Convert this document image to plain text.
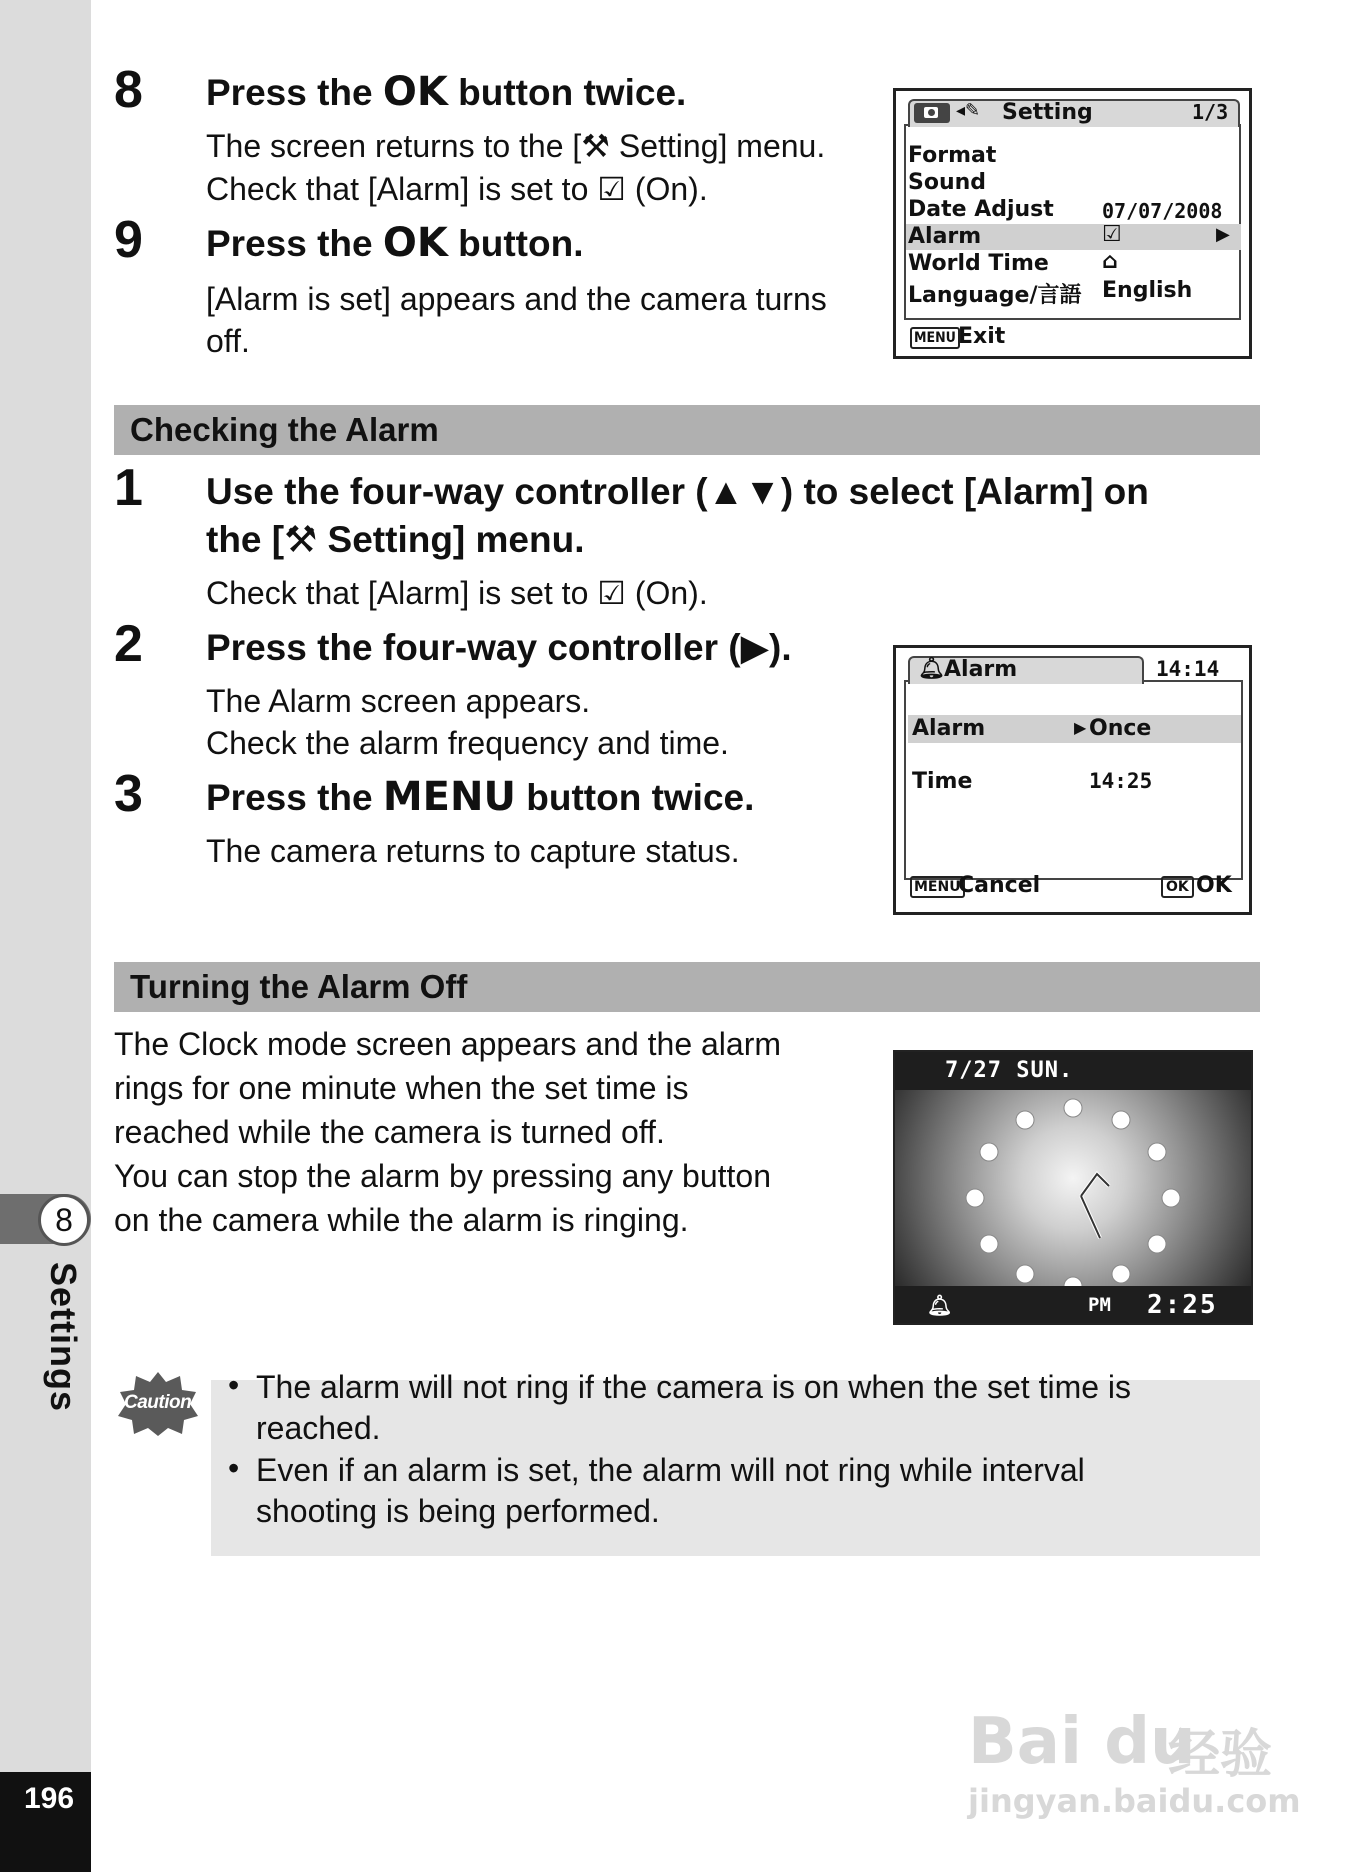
8
Settings
196
8 Press the OK button twice.
The screen returns to the [⚒ Setting] menu.
Check that [Alarm] is set to ☑ (On).
9 Press the OK button.
[Alarm is set] appears and the camera turns
off.
◂✎ Setting	1/3
Format
Sound
Date Adjust 07/07/2008
Alarm	☑	▶
World Time ⌂
Language/言語 English
MENU Exit
Checking the Alarm
1 Use the four-way controller (▲▼) to select [Alarm] on
the [⚒ Setting] menu.
Check that [Alarm] is set to ☑ (On).
2 Press the four-way controller (▶).
The Alarm screen appears.
Check the alarm frequency and time.
3 Press the MENU button twice.
The camera returns to capture status.
🔔︎ Alarm	14:14
Alarm	▶ Once
Time	14:25
MENU
Cancel	OK OK
Turning the Alarm Off
The Clock mode screen appears and the alarm
rings for one minute when the set time is
reached while the camera is turned off.
You can stop the alarm by pressing any button
on the camera while the alarm is ringing.
7/27 SUN.
🔔︎	PM 2:25
Caution • The alarm will not ring if the camera is on when the set time is
reached.
• Even if an alarm is set, the alarm will not ring while interval
shooting is being performed.
Bai du
经验
jingyan.baidu.com
